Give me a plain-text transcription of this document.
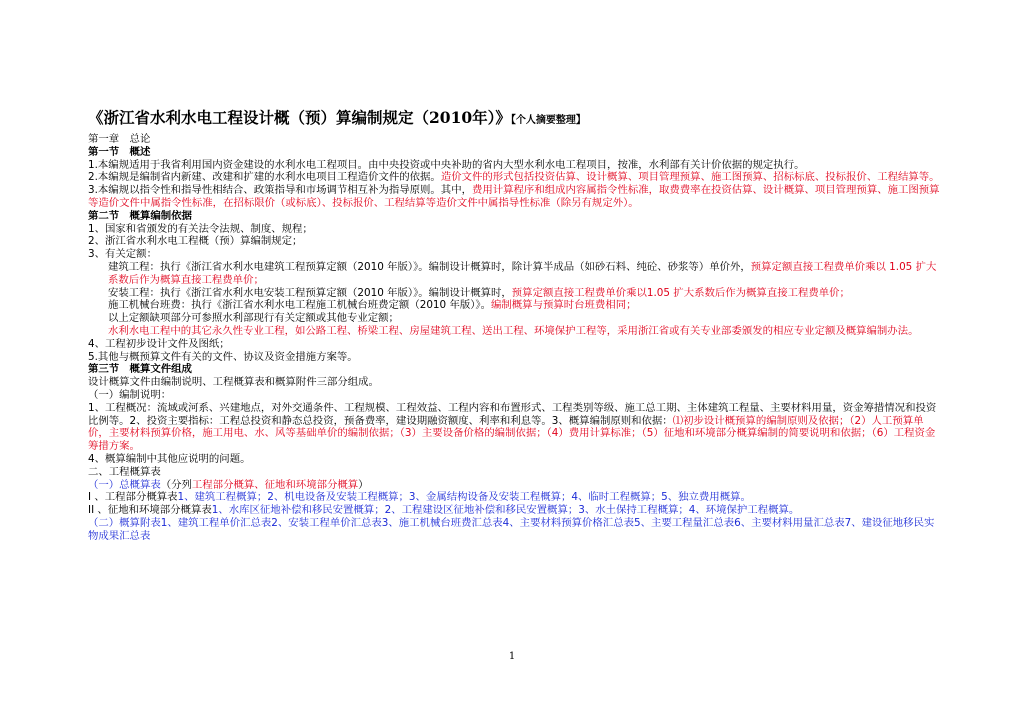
《浙江省水利水电工程设计概（预）算编制规定（2010年）》【个人摘要整理】
第一章　总论
第一节　概述
1.本编规适用于我省利用国内资金建设的水利水电工程项目。由中央投资或中央补助的省内大型水利水电工程项目，按准，水利部有关计价依据的规定执行。
2.本编规是编制省内新建、改建和扩建的水利水电项目工程造价文件的依据。造价文件的形式包括投资估算、设计概算、项目管理预算、施工图预算、招标标底、投标报价、工程结算等。
3.本编规以指令性和指导性相结合、政策指导和市场调节相互补为指导原则。其中，费用计算程序和组成内容属指令性标准，取费费率在投资估算、设计概算、项目管理预算、施工图预算等造价文件中属指令性标准，在招标限价（或标底）、投标报价、工程结算等造价文件中属指导性标准（除另有规定外）。
第二节　概算编制依据
1、国家和省颁发的有关法令法规、制度、规程；
2、浙江省水利水电工程概（预）算编制规定；
3、有关定额：
建筑工程：执行《浙江省水利水电建筑工程预算定额（2010 年版）》。编制设计概算时，除计算半成品（如砂石料、纯砼、砂浆等）单价外，预算定额直接工程费单价乘以 1.05 扩大系数后作为概算直接工程费单价；
安装工程：执行《浙江省水利水电安装工程预算定额（2010 年版）》。编制设计概算时，预算定额直接工程费单价乘以1.05 扩大系数后作为概算直接工程费单价；
施工机械台班费：执行《浙江省水利水电工程施工机械台班费定额（2010 年版）》。编制概算与预算时台班费相同；
以上定额缺项部分可参照水利部现行有关定额或其他专业定额；
水利水电工程中的其它永久性专业工程，如公路工程、桥梁工程、房屋建筑工程、送出工程、环境保护工程等，采用浙江省或有关专业部委颁发的相应专业定额及概算编制办法。
4、工程初步设计文件及图纸；
5.其他与概预算文件有关的文件、协议及资金措施方案等。
第三节　概算文件组成
设计概算文件由编制说明、工程概算表和概算附件三部分组成。
（一）编制说明：
1、工程概况：流域或河系、兴建地点，对外交通条件、工程规模、工程效益、工程内容和布置形式、工程类别等级、施工总工期、主体建筑工程量、主要材料用量，资金筹措情况和投资比例等。2、投资主要指标：工程总投资和静态总投资，预备费率，建设期融资额度、利率和利息等。3、概算编制原则和依据：⑴初步设计概预算的编制原则及依据；（2）人工预算单价，主要材料预算价格，施工用电、水、风等基础单价的编制依据；（3）主要设备价格的编制依据；（4）费用计算标准；（5）征地和环境部分概算编制的简要说明和依据；（6）工程资金筹措方案。
4、概算编制中其他应说明的问题。
二、工程概算表
（一）总概算表（分列工程部分概算、征地和环境部分概算）
I 、工程部分概算表1、建筑工程概算；2、机电设备及安装工程概算；3、金属结构设备及安装工程概算；4、临时工程概算；5、独立费用概算。
II 、征地和环境部分概算表1、水库区征地补偿和移民安置概算；2、工程建设区征地补偿和移民安置概算；3、水土保持工程概算；4、环境保护工程概算。
（二）概算附表1、建筑工程单价汇总表2、安装工程单价汇总表3、施工机械台班费汇总表4、主要材料预算价格汇总表5、主要工程量汇总表6、主要材料用量汇总表7、建设征地移民实物成果汇总表
1
